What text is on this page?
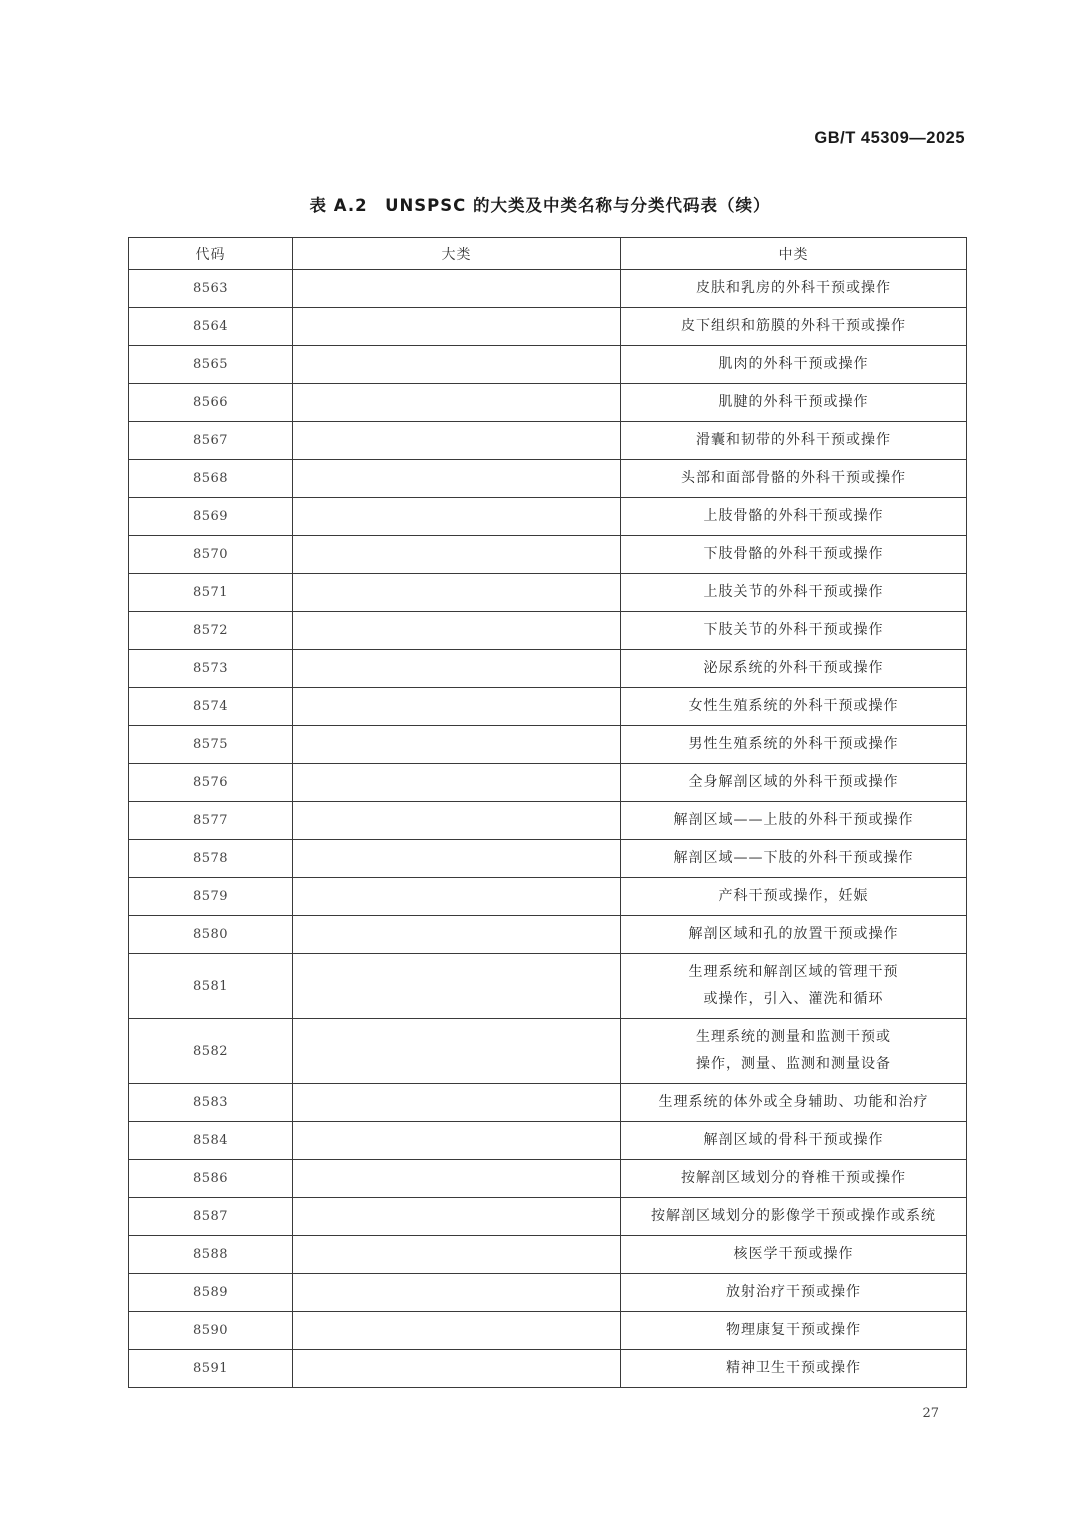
GB/T 45309—2025
表 A.2　UNSPSC 的大类及中类名称与分类代码表（续）
代码	大类	中类
8563		皮肤和乳房的外科干预或操作
8564		皮下组织和筋膜的外科干预或操作
8565		肌肉的外科干预或操作
8566		肌腱的外科干预或操作
8567		滑囊和韧带的外科干预或操作
8568		头部和面部骨骼的外科干预或操作
8569		上肢骨骼的外科干预或操作
8570		下肢骨骼的外科干预或操作
8571		上肢关节的外科干预或操作
8572		下肢关节的外科干预或操作
8573		泌尿系统的外科干预或操作
8574		女性生殖系统的外科干预或操作
8575		男性生殖系统的外科干预或操作
8576		全身解剖区域的外科干预或操作
8577		解剖区域——上肢的外科干预或操作
8578		解剖区域——下肢的外科干预或操作
8579		产科干预或操作，妊娠
8580		解剖区域和孔的放置干预或操作
8581		生理系统和解剖区域的管理干预
或操作，引入、灌洗和循环
8582		生理系统的测量和监测干预或
操作，测量、监测和测量设备
8583		生理系统的体外或全身辅助、功能和治疗
8584		解剖区域的骨科干预或操作
8586		按解剖区域划分的脊椎干预或操作
8587		按解剖区域划分的影像学干预或操作或系统
8588		核医学干预或操作
8589		放射治疗干预或操作
8590		物理康复干预或操作
8591		精神卫生干预或操作
27
